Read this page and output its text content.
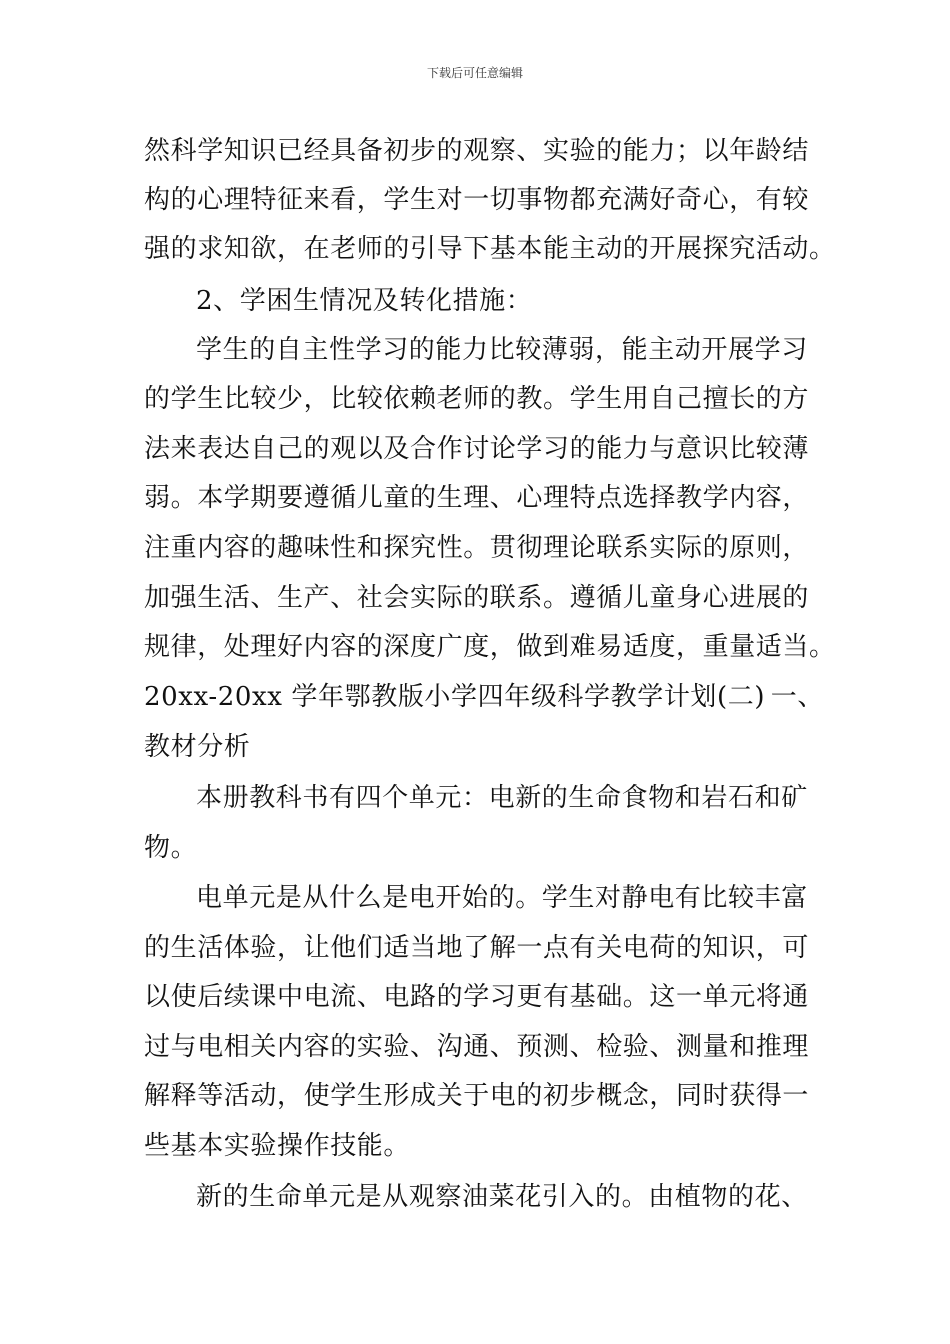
下载后可任意编辑
然科学知识已经具备初步的观察、实验的能力；以年龄结
构的心理特征来看，学生对一切事物都充满好奇心，有较
强的求知欲，在老师的引导下基本能主动的开展探究活动。
2、学困生情况及转化措施：
学生的自主性学习的能力比较薄弱，能主动开展学习
的学生比较少，比较依赖老师的教。学生用自己擅长的方
法来表达自己的观以及合作讨论学习的能力与意识比较薄
弱。本学期要遵循儿童的生理、心理特点选择教学内容，
注重内容的趣味性和探究性。贯彻理论联系实际的原则，
加强生活、生产、社会实际的联系。遵循儿童身心进展的
规律，处理好内容的深度广度，做到难易适度，重量适当。
20xx-20xx 学年鄂教版小学四年级科学教学计划(二) 一、
教材分析
本册教科书有四个单元：电新的生命食物和岩石和矿
物。
电单元是从什么是电开始的。学生对静电有比较丰富
的生活体验，让他们适当地了解一点有关电荷的知识，可
以使后续课中电流、电路的学习更有基础。这一单元将通
过与电相关内容的实验、沟通、预测、检验、测量和推理
解释等活动，使学生形成关于电的初步概念，同时获得一
些基本实验操作技能。
新的生命单元是从观察油菜花引入的。由植物的花、
